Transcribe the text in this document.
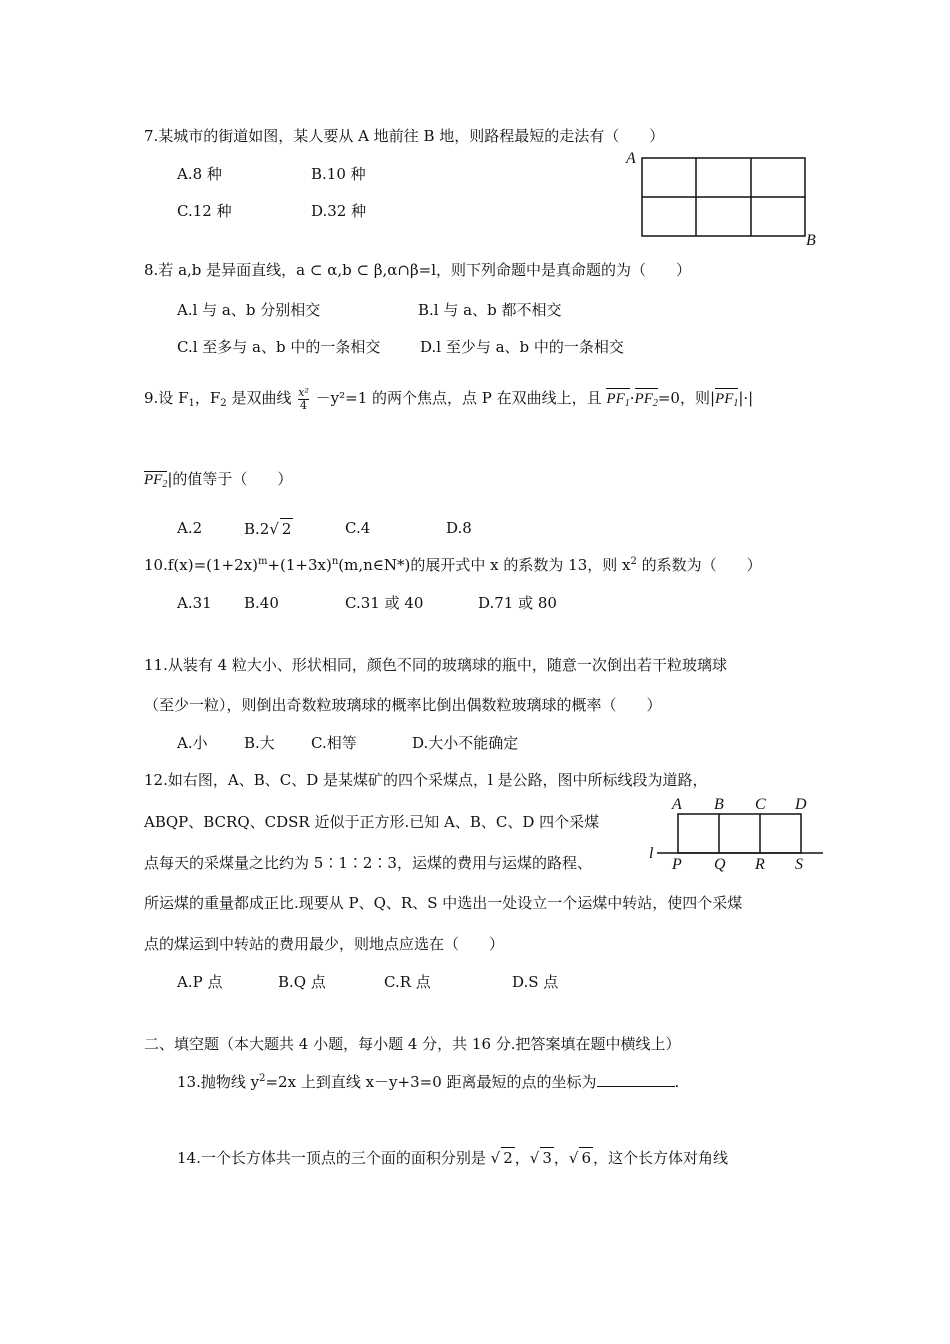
7.某城市的街道如图，某人要从 A 地前往 B 地，则路程最短的走法有（　　）
A.8 种	B.10 种
C.12 种	D.32 种
A
B
8.若 a,b 是异面直线，a ⊂ α,b ⊂ β,α∩β=l，则下列命题中是真命题的为（　　）
A.l 与 a、b 分别相交	B.l 与 a、b 都不相交
C.l 至多与 a、b 中的一条相交	D.l 至少与 a、b 中的一条相交
9.设 $F_1$，$F_2$ 是双曲线 $\frac{\text{x²}}{4} -y^2=1$ 的两个焦点，点 P 在双曲线上，且 $PF_1\cdot PF_2=0$，则$|PF_1|\cdot|$
$PF_2|$的值等于（　　）
A.2	B.2√ 2	C.4	D.8
$10.f(x)=(1+2x)^m+(1+3x)^n(m,n\in N*)$的展开式中 x 的系数为 13，则 $x^2$ 的系数为（　　）
A.31 B.40	C.31 或 40	D.71 或 80
11.从装有 4 粒大小、形状相同，颜色不同的玻璃球的瓶中，随意一次倒出若干粒玻璃球
（至少一粒），则倒出奇数粒玻璃球的概率比倒出偶数粒玻璃球的概率（　　）
A.小 B.大 C.相等	D.大小不能确定
12.如右图，A、B、C、D 是某煤矿的四个采煤点，l 是公路，图中所标线段为道路，
ABQP、BCRQ、CDSR 近似于正方形.已知 A、B、C、D 四个采煤
点每天的采煤量之比约为 5∶1∶2∶3，运煤的费用与运煤的路程、
所运煤的重量都成正比.现要从 P、Q、R、S 中选出一处设立一个运煤中转站，使四个采煤
点的煤运到中转站的费用最少，则地点应选在（　　）
A B C D
l
P Q R S
A.P 点	B.Q 点	C.R 点	D.S 点
二、填空题（本大题共 4 小题，每小题 4 分，共 16 分.把答案填在题中横线上）
13.抛物线 $y^2=2x$ 上到直线 x－y+3=0 距离最短的点的坐标为	.
14.一个长方体共一顶点的三个面的面积分别是 √ 2 ，√ 3 ，√ 6 ，这个长方体对角线
